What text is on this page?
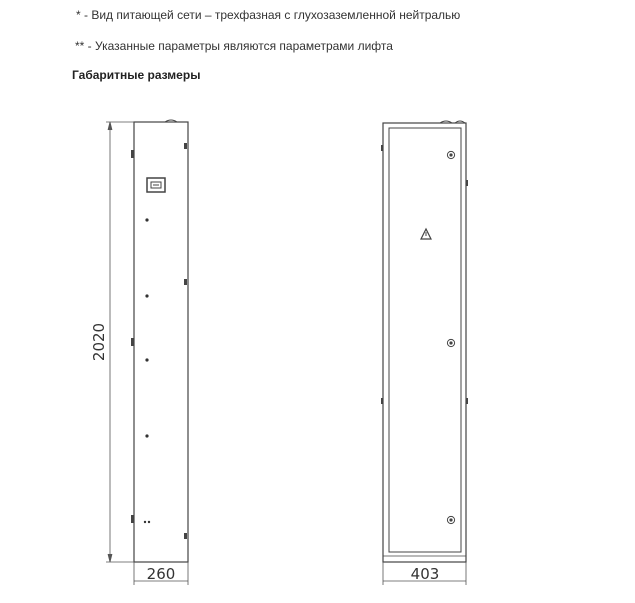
* - Вид питающей сети – трехфазная с глухозаземленной нейтралью
** - Указанные параметры являются параметрами лифта
Габаритные размеры
2020
260	403
